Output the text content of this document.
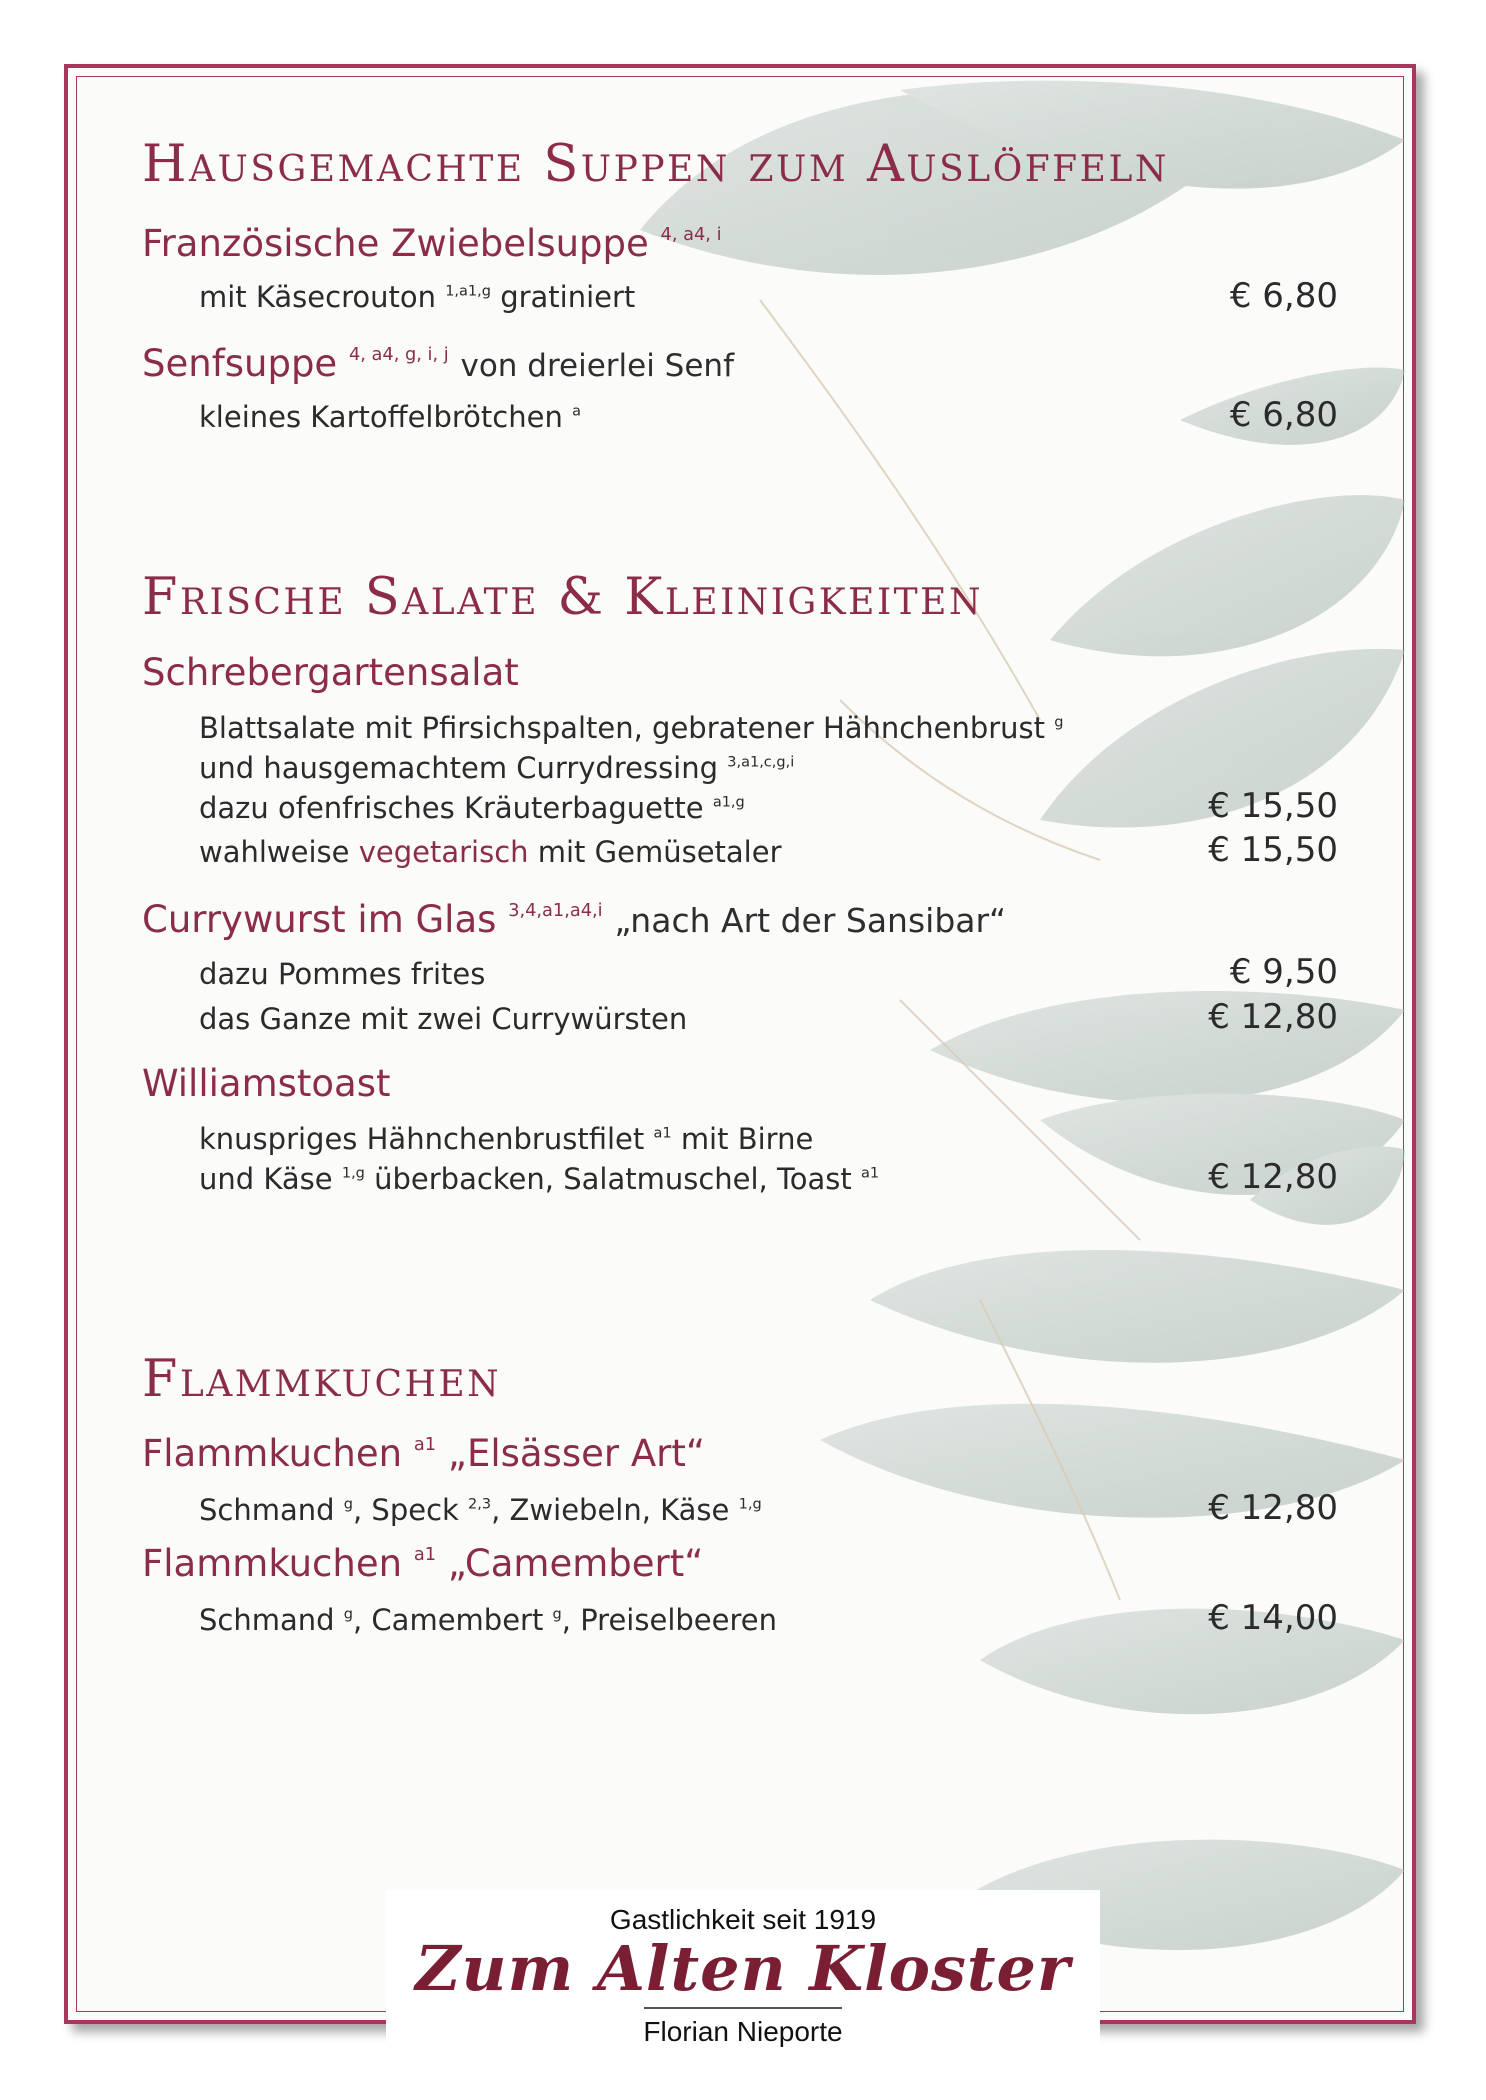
Hausgemachte Suppen zum Auslöffeln
Französische Zwiebelsuppe $^{4, a4, i}$
mit Käsecrouton $^{1,a1,g}$ gratiniert	€ 6,80
Senfsuppe $^{4, a4, g, i, j}$ von dreierlei Senf
kleines Kartoffelbrötchen $^a$	€ 6,80
Frische Salate & Kleinigkeiten
Schrebergartensalat
Blattsalate mit Pfirsichspalten, gebratener Hähnchenbrust $^g$
und hausgemachtem Currydressing $^{3,a1,c,g,i}$
dazu ofenfrisches Kräuterbaguette $^{a1,g}$	€ 15,50
wahlweise vegetarisch mit Gemüsetaler	€ 15,50
Currywurst im Glas $^{3,4,a1,a4,i}$ „nach Art der Sansibar“
dazu Pommes frites	€ 9,50
das Ganze mit zwei Currywürsten	€ 12,80
Williamstoast
knuspriges Hähnchenbrustfilet $^{a1}$ mit Birne
und Käse $^{1,g}$ überbacken, Salatmuschel, Toast $^{a1}$	€ 12,80
Flammkuchen
Flammkuchen $^{a1}$ „Elsässer Art“
Schmand $^g$, Speck $^{2,3}$, Zwiebeln, Käse $^{1,g}$	€ 12,80
Flammkuchen $^{a1}$ „Camembert“
Schmand $^g$, Camembert $^g$, Preiselbeeren	€ 14,00
Gastlichkeit seit 1919
Zum Alten Kloster
Florian Nieporte
